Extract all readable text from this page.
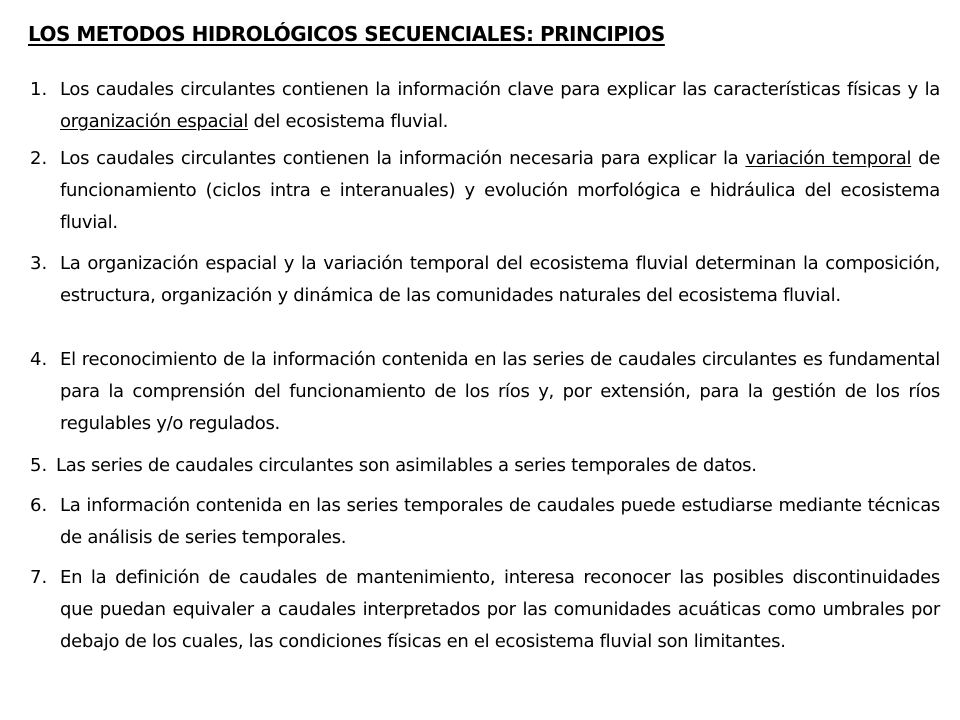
LOS METODOS HIDROLÓGICOS SECUENCIALES: PRINCIPIOS
1. Los caudales circulantes contienen la información clave para explicar las características físicas y la organización espacial del ecosistema fluvial.
2. Los caudales circulantes contienen la información necesaria para explicar la variación temporal de funcionamiento (ciclos intra e interanuales) y evolución morfológica e hidráulica del ecosistema fluvial.
3. La organización espacial y la variación temporal del ecosistema fluvial determinan la composición, estructura, organización y dinámica de las comunidades naturales del ecosistema fluvial.
4. El reconocimiento de la información contenida en las series de caudales circulantes es fundamental para la comprensión del funcionamiento de los ríos y, por extensión, para la gestión de los ríos regulables y/o regulados.
5. Las series de caudales circulantes son asimilables a series temporales de datos.
6. La información contenida en las series temporales de caudales puede estudiarse mediante técnicas de análisis de series temporales.
7. En la definición de caudales de mantenimiento, interesa reconocer las posibles discontinuidades que puedan equivaler a caudales interpretados por las comunidades acuáticas como umbrales por debajo de los cuales, las condiciones físicas en el ecosistema fluvial son limitantes.
